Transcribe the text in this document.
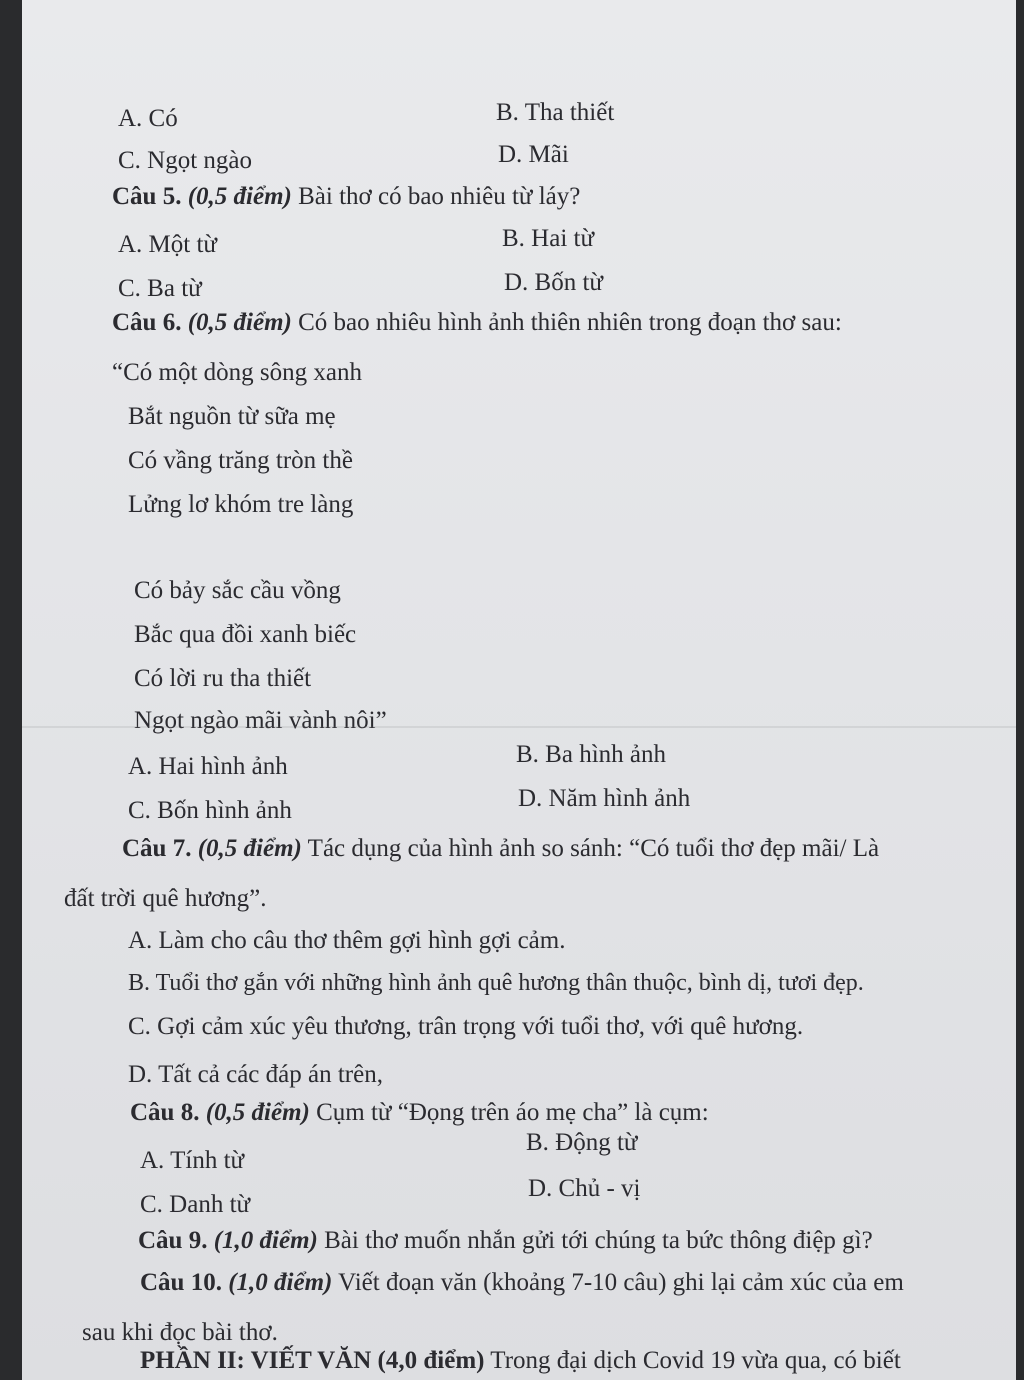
A. Có	B. Tha thiết
C. Ngọt ngào	D. Mãi
Câu 5. (0,5 điểm) Bài thơ có bao nhiêu từ láy?
A. Một từ	B. Hai từ
C. Ba từ	D. Bốn từ
Câu 6. (0,5 điểm) Có bao nhiêu hình ảnh thiên nhiên trong đoạn thơ sau:
“Có một dòng sông xanh
Bắt nguồn từ sữa mẹ
Có vầng trăng tròn thề
Lửng lơ khóm tre làng
Có bảy sắc cầu vồng
Bắc qua đồi xanh biếc
Có lời ru tha thiết
Ngọt ngào mãi vành nôi”
A. Hai hình ảnh	B. Ba hình ảnh
C. Bốn hình ảnh	D. Năm hình ảnh
Câu 7. (0,5 điểm) Tác dụng của hình ảnh so sánh: “Có tuổi thơ đẹp mãi/ Là
đất trời quê hương”.
A. Làm cho câu thơ thêm gợi hình gợi cảm.
B. Tuổi thơ gắn với những hình ảnh quê hương thân thuộc, bình dị, tươi đẹp.
C. Gợi cảm xúc yêu thương, trân trọng với tuổi thơ, với quê hương.
D. Tất cả các đáp án trên,
Câu 8. (0,5 điểm) Cụm từ “Đọng trên áo mẹ cha” là cụm:
A. Tính từ
B. Động từ
C. Danh từ
D. Chủ - vị
Câu 9. (1,0 điểm) Bài thơ muốn nhắn gửi tới chúng ta bức thông điệp gì?
Câu 10. (1,0 điểm) Viết đoạn văn (khoảng 7-10 câu) ghi lại cảm xúc của em
sau khi đọc bài thơ.
PHẦN II: VIẾT VĂN (4,0 điểm) Trong đại dịch Covid 19 vừa qua, có biết
